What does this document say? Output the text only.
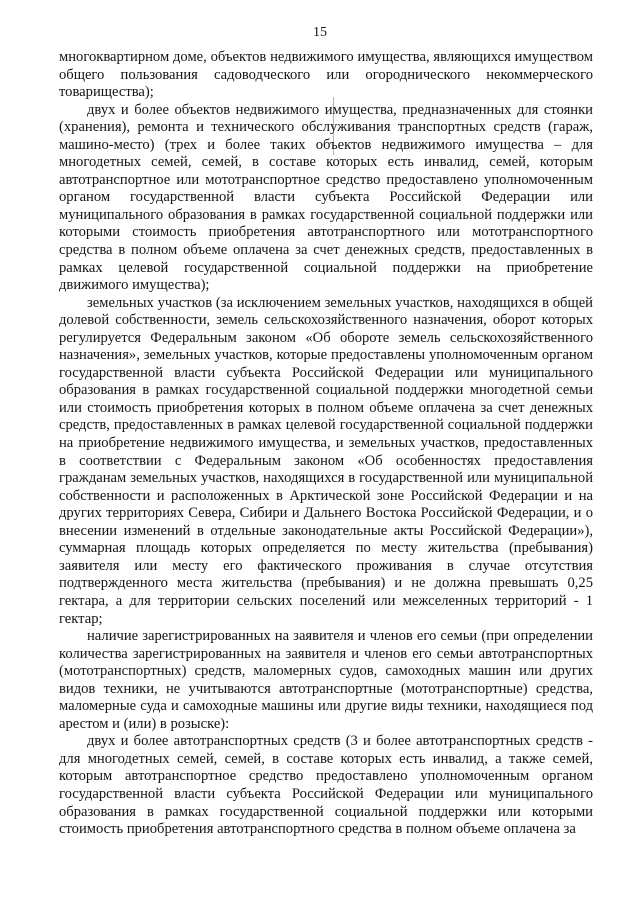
15

многоквартирном доме, объектов недвижимого имущества, являющихся имуществом общего пользования садоводческого или огороднического некоммерческого товарищества);

двух и более объектов недвижимого имущества, предназначенных для стоянки (хранения), ремонта и технического обслуживания транспортных средств (гараж, машино-место) (трех и более таких объектов недвижимого имущества – для многодетных семей, семей, в составе которых есть инвалид, семей, которым автотранспортное или мототранспортное средство предоставлено уполномоченным органом государственной власти субъекта Российской Федерации или муниципального образования в рамках государственной социальной поддержки или которыми стоимость приобретения автотранспортного или мототранспортного средства в полном объеме оплачена за счет денежных средств, предоставленных в рамках целевой государственной социальной поддержки на приобретение движимого имущества);

земельных участков (за исключением земельных участков, находящихся в общей долевой собственности, земель сельскохозяйственного назначения, оборот которых регулируется Федеральным законом «Об обороте земель сельскохозяйственного назначения», земельных участков, которые предоставлены уполномоченным органом государственной власти субъекта Российской Федерации или муниципального образования в рамках государственной социальной поддержки многодетной семьи или стоимость приобретения которых в полном объеме оплачена за счет денежных средств, предоставленных в рамках целевой государственной социальной поддержки на приобретение недвижимого имущества, и земельных участков, предоставленных в соответствии с Федеральным законом «Об особенностях предоставления гражданам земельных участков, находящихся в государственной или муниципальной собственности и расположенных в Арктической зоне Российской Федерации и на других территориях Севера, Сибири и Дальнего Востока Российской Федерации, и о внесении изменений в отдельные законодательные акты Российской Федерации»), суммарная площадь которых определяется по месту жительства (пребывания) заявителя или месту его фактического проживания в случае отсутствия подтвержденного места жительства (пребывания) и не должна превышать 0,25 гектара, а для территории сельских поселений или межселенных территорий - 1 гектар;

наличие зарегистрированных на заявителя и членов его семьи (при определении количества зарегистрированных на заявителя и членов его семьи автотранспортных (мототранспортных) средств, маломерных судов, самоходных машин или других видов техники, не учитываются автотранспортные (мототранспортные) средства, маломерные суда и самоходные машины или другие виды техники, находящиеся под арестом и (или) в розыске):

двух и более автотранспортных средств (3 и более автотранспортных средств - для многодетных семей, семей, в составе которых есть инвалид, а также семей, которым автотранспортное средство предоставлено уполномоченным органом государственной власти субъекта Российской Федерации или муниципального образования в рамках государственной социальной поддержки или которыми стоимость приобретения автотранспортного средства в полном объеме оплачена за
